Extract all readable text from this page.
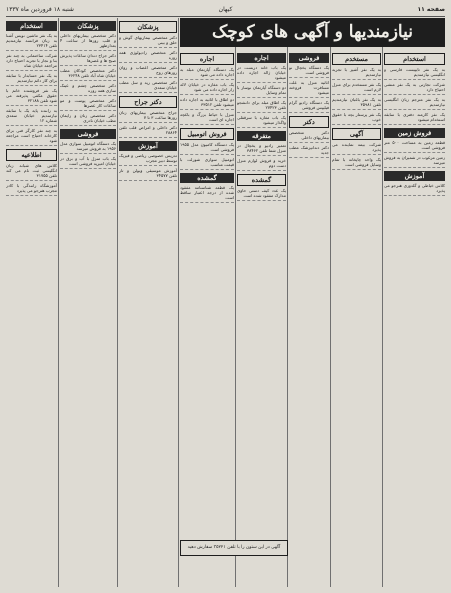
صفحه ۱۱
کیهان
شنبه ۱۸ فروردین ماه ۱۳۳۷
نیازمندیها و آگهی های کوچک
استخدام
به یک نفر ماشین نویس آشنا به زبان فرانسه نیازمندیم تلفن ۲۳۴۱۴
شرکت ساختمانی به چند نفر بنا و نجار با تجربه احتیاج دارد مراجعه خیابان شاه
به یک نفر حسابدار با سابقه برای کار دائم نیازمندیم
یک نفر فروشنده خانم با حقوق مکفی پذیرفته می شود تلفن ۳۲۱۸۸
به راننده پایه یک با سابقه نیازمندیم خیابان سعدی شماره ۱۲
به چند نفر کارگر فنی برای کارخانه احتیاج است مراجعه شود
اطلاعیه
کلاس های شبانه زبان انگلیسی ثبت نام می کند تلفن ۳۱۷۵۵
آموزشگاه رانندگی با کادر مجرب هنرجو می پذیرد
پزشکان
دکتر متخصص بیماریهای داخلی و قلب روزها از ساعت ۴ بعدازظهر
دکتر جراح دندان ساعات پذیرش صبح ها و عصرها
دکتر متخصص کودکان مطب خیابان شاه آباد تلفن ۳۶۲۴۸
دکتر متخصص چشم و عینک سازی همه روزه
دکتر متخصص پوست و مو ساعات کار عصرها
دکتر متخصص زنان و زایمان مطب خیابان نادری
فروشی
یک دستگاه اتومبیل سواری مدل ۱۹۵۶ به فروش میرسد
یک باب منزل با آب و برق در خیابان امیریه فروشی است
پزشکان
دکتر متخصص بیماریهای گوش و حلق و بینی
دکتر متخصص رادیولوژی همه روزه
دکتر متخصص اعصاب و روان روزهای زوج
دکتر متخصص ریه و سل مطب خیابان سعدی
دکتر جراح
جراح متخصص بیماریهای زنان روزها ساعت ۳ تا ۷
دکتر داخلی و امراض قلب تلفن ۲۸۸۶۴
آموزش
تدریس خصوصی ریاضی و فیزیک توسط دبیر مجرب
آموزش موسیقی ویولن و تار تلفن ۳۴۵۷۷
اجاره
یک دستگاه آپارتمان مبله به اجاره داده می شود
یک باب مغازه در خیابان لاله زار اجاره داده می شود
دو اطاق با اثاثیه به اجاره داده میشود تلفن ۳۳۵۱۲
منزل با حیاط بزرگ و باغچه اجاره ای است
فروش اتومبیل
یک دستگاه کامیون مدل ۱۹۵۵ فروشی است
اتومبیل سواری شورلت با قیمت مناسب
گمشده
یک قطعه شناسنامه مفقود شده از درجه اعتبار ساقط است
اجاره
یک باب خانه دربست در خیابان ژاله اجاره داده میشود
دو دستگاه آپارتمان نوساز با تمام وسایل
یک اطاق مبله برای دانشجو تلفن ۲۷۴۲۳
یک باب مغازه با سرقفلی واگذار میشود
متفرقه
تعمیر رادیو و یخچال در منزل شما تلفن ۳۸۴۶۲
خرید و فروش لوازم منزل دست دوم
گمشده
یک عدد کیف دستی حاوی مدارک مفقود شده است
فروشی
یک دستگاه یخچال نو فروشی است
اثاثیه منزل به علت مسافرت فروخته میشود
یک دستگاه رادیو گرام فیلیپس فروشی
دکتر
دکتر متخصص بیماریهای داخلی
دکتر دندانپزشک مطب جدید
مستخدم
به یک نفر آشپز با تجربه نیازمندیم
یک نفر مستخدم برای منزل لازم است
به یک نفر باغبان نیازمندیم تلفن ۳۵۹۸۱
یک نفر پرستار بچه با حقوق خوب
آگهی
شرکت بیمه نماینده می پذیرد
یک واحد چاپخانه با تمام وسایل فروشی است
استخدام
به یک نفر تایپیست فارسی و انگلیسی نیازمندیم
شرکت تجارتی به یک نفر منشی احتیاج دارد
به یک نفر مترجم زبان انگلیسی نیازمندیم
یک نفر کارمند دفتری با سابقه استخدام میشود
فروش زمین
قطعه زمین به مساحت ۵۰۰ متر فروشی است
زمین مرغوب در شمیران به فروش میرسد
آموزش
کلاس خیاطی و گلدوزی هنرجو می پذیرد
آگهی در این ستون را با تلفن ۳۵۲۲۱ سفارش دهید
